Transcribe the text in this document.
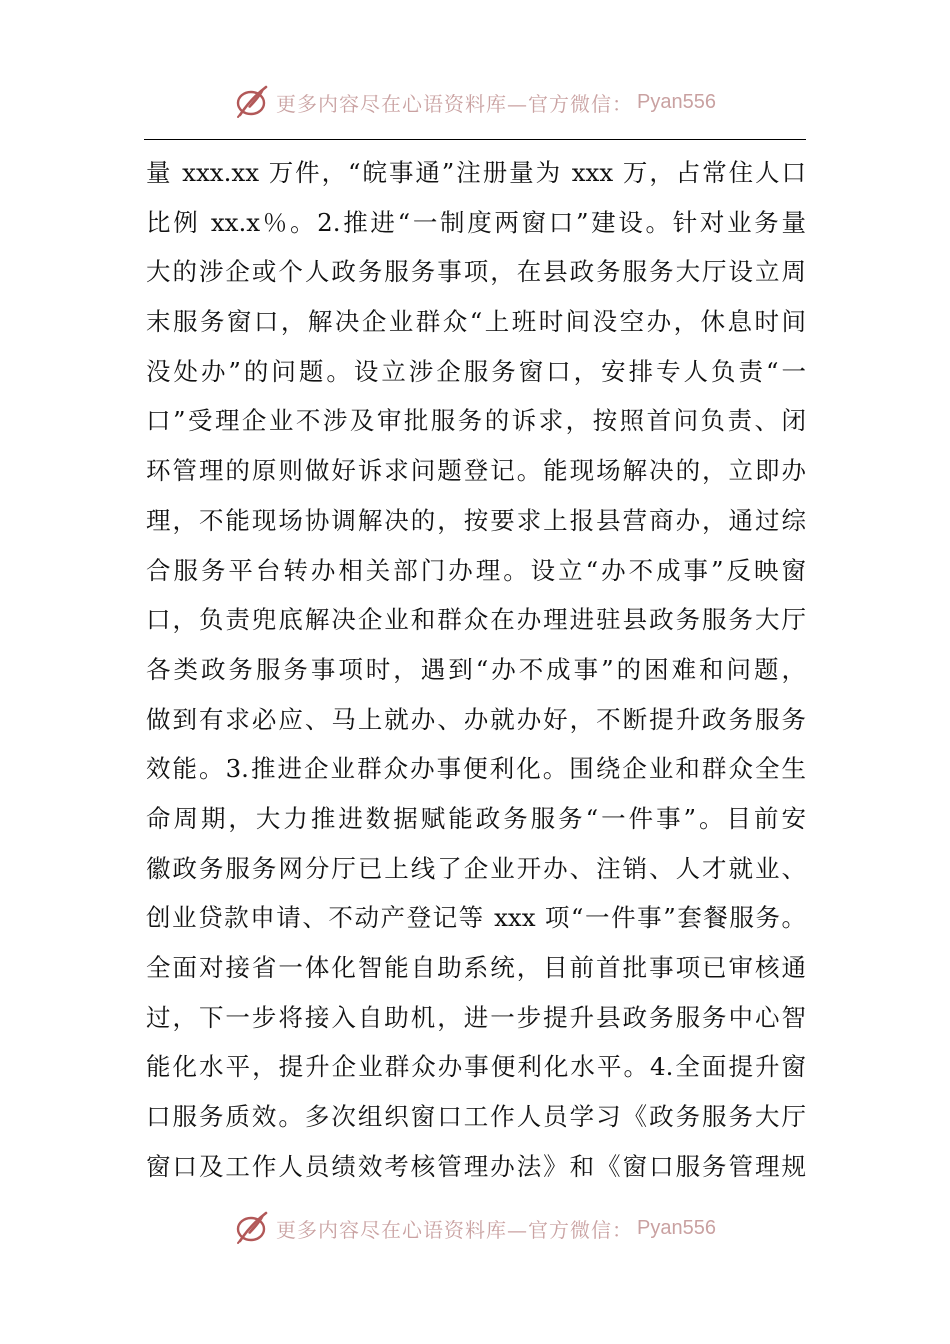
更多内容尽在心语资料库—官方微信： Pyan556
量 xxx.xx 万件，“皖事通”注册量为 xxx 万，占常住人口
比例 xx.x％。2.推进“一制度两窗口”建设。针对业务量
大的涉企或个人政务服务事项，在县政务服务大厅设立周
末服务窗口，解决企业群众“上班时间没空办，休息时间
没处办”的问题。设立涉企服务窗口，安排专人负责“一
口”受理企业不涉及审批服务的诉求，按照首问负责、闭
环管理的原则做好诉求问题登记。能现场解决的，立即办
理，不能现场协调解决的，按要求上报县营商办，通过综
合服务平台转办相关部门办理。设立“办不成事”反映窗
口，负责兜底解决企业和群众在办理进驻县政务服务大厅
各类政务服务事项时，遇到“办不成事”的困难和问题，
做到有求必应、马上就办、办就办好，不断提升政务服务
效能。3.推进企业群众办事便利化。围绕企业和群众全生
命周期，大力推进数据赋能政务服务“一件事”。目前安
徽政务服务网分厅已上线了企业开办、注销、人才就业、
创业贷款申请、不动产登记等 xxx 项“一件事”套餐服务。
全面对接省一体化智能自助系统，目前首批事项已审核通
过，下一步将接入自助机，进一步提升县政务服务中心智
能化水平，提升企业群众办事便利化水平。4.全面提升窗
口服务质效。多次组织窗口工作人员学习《政务服务大厅
窗口及工作人员绩效考核管理办法》和《窗口服务管理规
更多内容尽在心语资料库—官方微信： Pyan556
